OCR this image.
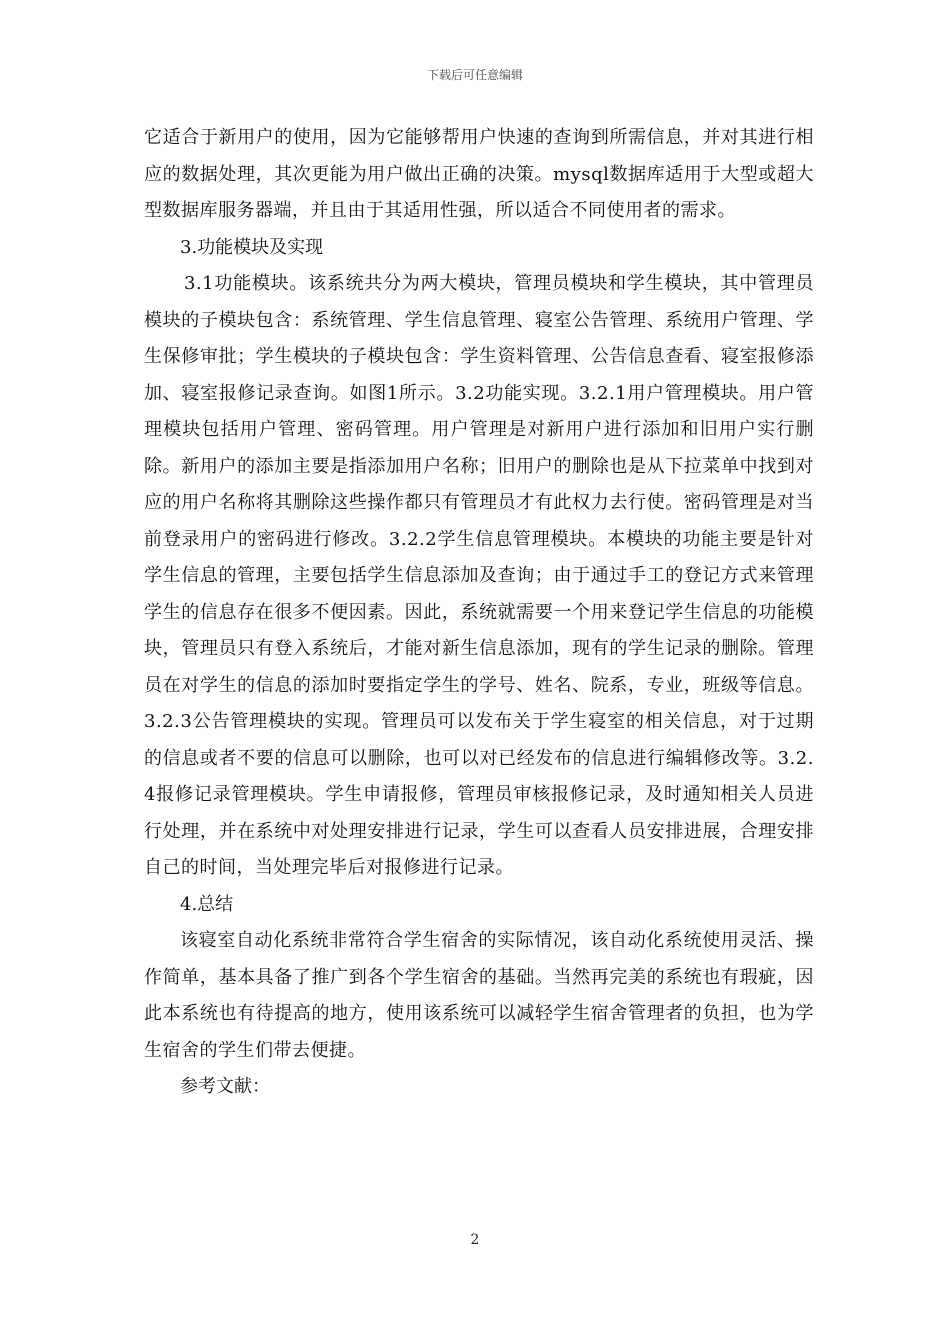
下载后可任意编辑

它适合于新用户的使用，因为它能够帮用户快速的查询到所需信息，并对其进行相应的数据处理，其次更能为用户做出正确的决策。mysql数据库适用于大型或超大型数据库服务器端，并且由于其适用性强，所以适合不同使用者的需求。

3.功能模块及实现

3.1功能模块。该系统共分为两大模块，管理员模块和学生模块，其中管理员模块的子模块包含：系统管理、学生信息管理、寝室公告管理、系统用户管理、学生保修审批；学生模块的子模块包含：学生资料管理、公告信息查看、寝室报修添加、寝室报修记录查询。如图1所示。3.2功能实现。3.2.1用户管理模块。用户管理模块包括用户管理、密码管理。用户管理是对新用户进行添加和旧用户实行删除。新用户的添加主要是指添加用户名称；旧用户的删除也是从下拉菜单中找到对应的用户名称将其删除这些操作都只有管理员才有此权力去行使。密码管理是对当前登录用户的密码进行修改。3.2.2学生信息管理模块。本模块的功能主要是针对学生信息的管理，主要包括学生信息添加及查询；由于通过手工的登记方式来管理学生的信息存在很多不便因素。因此，系统就需要一个用来登记学生信息的功能模块，管理员只有登入系统后，才能对新生信息添加，现有的学生记录的删除。管理员在对学生的信息的添加时要指定学生的学号、姓名、院系，专业，班级等信息。3.2.3公告管理模块的实现。管理员可以发布关于学生寝室的相关信息，对于过期的信息或者不要的信息可以删除，也可以对已经发布的信息进行编辑修改等。3.2.4报修记录管理模块。学生申请报修，管理员审核报修记录，及时通知相关人员进行处理，并在系统中对处理安排进行记录，学生可以查看人员安排进展，合理安排自己的时间，当处理完毕后对报修进行记录。

4.总结

该寝室自动化系统非常符合学生宿舍的实际情况，该自动化系统使用灵活、操作简单，基本具备了推广到各个学生宿舍的基础。当然再完美的系统也有瑕疵，因此本系统也有待提高的地方，使用该系统可以减轻学生宿舍管理者的负担，也为学生宿舍的学生们带去便捷。

参考文献：

2
